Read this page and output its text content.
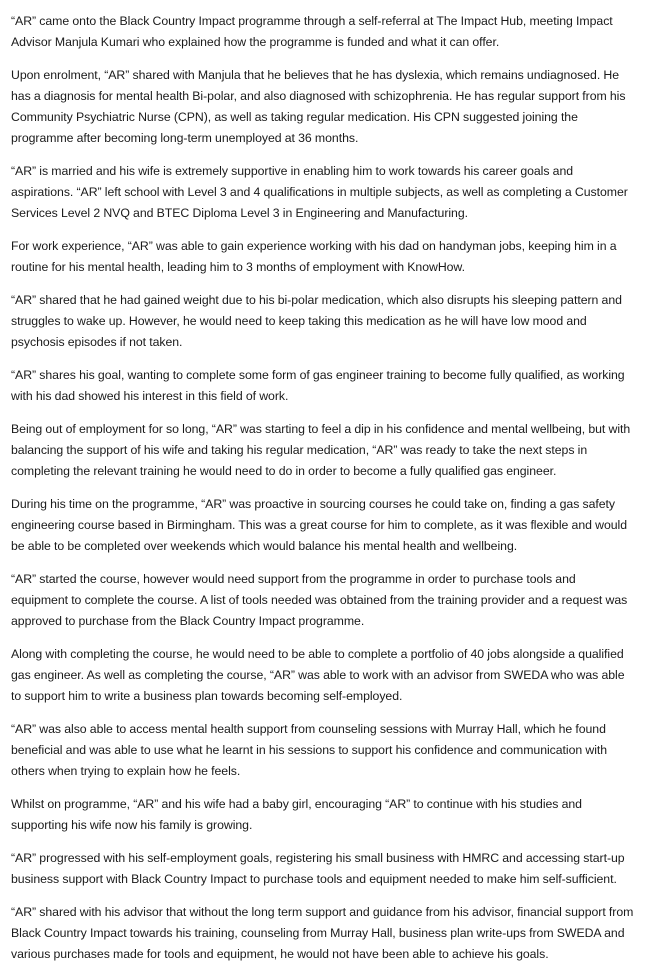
“AR” came onto the Black Country Impact programme through a self-referral at The Impact Hub, meeting Impact Advisor Manjula Kumari who explained how the programme is funded and what it can offer.

Upon enrolment, “AR” shared with Manjula that he believes that he has dyslexia, which remains undiagnosed. He has a diagnosis for mental health Bi-polar, and also diagnosed with schizophrenia. He has regular support from his Community Psychiatric Nurse (CPN), as well as taking regular medication. His CPN suggested joining the programme after becoming long-term unemployed at 36 months.

“AR” is married and his wife is extremely supportive in enabling him to work towards his career goals and aspirations. “AR” left school with Level 3 and 4 qualifications in multiple subjects, as well as completing a Customer Services Level 2 NVQ and BTEC Diploma Level 3 in Engineering and Manufacturing.

For work experience, “AR” was able to gain experience working with his dad on handyman jobs, keeping him in a routine for his mental health, leading him to 3 months of employment with KnowHow.

“AR” shared that he had gained weight due to his bi-polar medication, which also disrupts his sleeping pattern and struggles to wake up. However, he would need to keep taking this medication as he will have low mood and psychosis episodes if not taken.

“AR” shares his goal, wanting to complete some form of gas engineer training to become fully qualified, as working with his dad showed his interest in this field of work.

Being out of employment for so long, “AR” was starting to feel a dip in his confidence and mental wellbeing, but with balancing the support of his wife and taking his regular medication, “AR” was ready to take the next steps in completing the relevant training he would need to do in order to become a fully qualified gas engineer.

During his time on the programme, “AR” was proactive in sourcing courses he could take on, finding a gas safety engineering course based in Birmingham. This was a great course for him to complete, as it was flexible and would be able to be completed over weekends which would balance his mental health and wellbeing.

“AR” started the course, however would need support from the programme in order to purchase tools and equipment to complete the course. A list of tools needed was obtained from the training provider and a request was approved to purchase from the Black Country Impact programme.

Along with completing the course, he would need to be able to complete a portfolio of 40 jobs alongside a qualified gas engineer. As well as completing the course, “AR” was able to work with an advisor from SWEDA who was able to support him to write a business plan towards becoming self-employed.

“AR” was also able to access mental health support from counseling sessions with Murray Hall, which he found beneficial and was able to use what he learnt in his sessions to support his confidence and communication with others when trying to explain how he feels.

Whilst on programme, “AR” and his wife had a baby girl, encouraging “AR” to continue with his studies and supporting his wife now his family is growing.

“AR” progressed with his self-employment goals, registering his small business with HMRC and accessing start-up business support with Black Country Impact to purchase tools and equipment needed to make him self-sufficient.

“AR” shared with his advisor that without the long term support and guidance from his advisor, financial support from Black Country Impact towards his training, counseling from Murray Hall, business plan write-ups from SWEDA and various purchases made for tools and equipment, he would not have been able to achieve his goals.
